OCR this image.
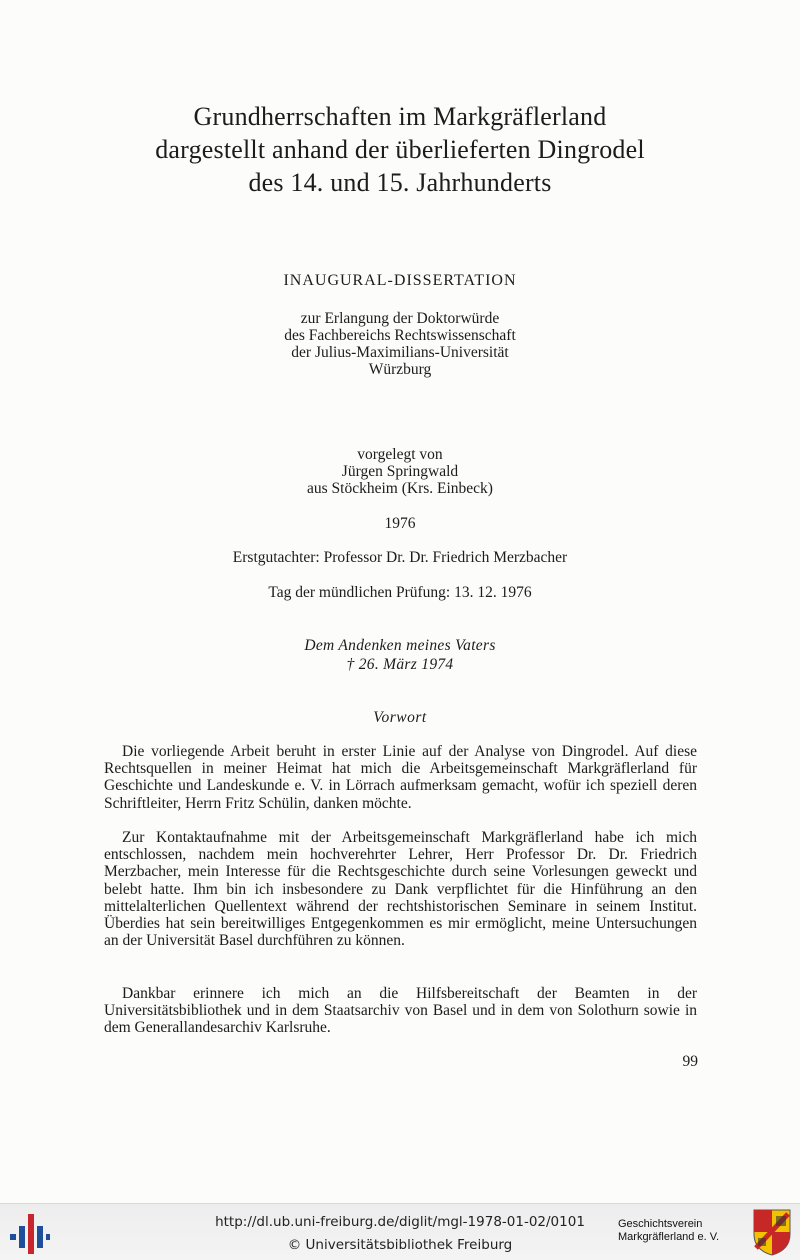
Grundherrschaften im Markgräflerland
dargestellt anhand der überlieferten Dingrodel
des 14. und 15. Jahrhunderts
INAUGURAL-DISSERTATION
zur Erlangung der Doktorwürde
des Fachbereichs Rechtswissenschaft
der Julius-Maximilians-Universität
Würzburg
vorgelegt von
Jürgen Springwald
aus Stöckheim (Krs. Einbeck)
1976
Erstgutachter: Professor Dr. Dr. Friedrich Merzbacher
Tag der mündlichen Prüfung: 13. 12. 1976
Dem Andenken meines Vaters
† 26. März 1974
Vorwort

Die vorliegende Arbeit beruht in erster Linie auf der Analyse von Dingrodel. Auf diese Rechtsquellen in meiner Heimat hat mich die Arbeitsgemeinschaft Markgräflerland für Geschichte und Landeskunde e. V. in Lörrach aufmerksam gemacht, wofür ich speziell deren Schriftleiter, Herrn Fritz Schülin, danken möchte.

Zur Kontaktaufnahme mit der Arbeitsgemeinschaft Markgräflerland habe ich mich entschlossen, nachdem mein hochverehrter Lehrer, Herr Professor Dr. Dr. Friedrich Merzbacher, mein Interesse für die Rechtsgeschichte durch seine Vorlesungen geweckt und belebt hatte. Ihm bin ich insbesondere zu Dank verpflichtet für die Hinführung an den mittelalterlichen Quellentext während der rechtshistorischen Seminare in seinem Institut. Überdies hat sein bereitwilliges Entgegenkommen es mir ermöglicht, meine Untersuchungen an der Universität Basel durchführen zu können.

Dankbar erinnere ich mich an die Hilfsbereitschaft der Beamten in der Universitätsbibliothek und in dem Staatsarchiv von Basel und in dem von Solothurn sowie in dem Generallandesarchiv Karlsruhe.

99
http://dl.ub.uni-freiburg.de/diglit/mgl-1978-01-02/0101
© Universitätsbibliothek Freiburg
Geschichtsverein
Markgräflerland e. V.
